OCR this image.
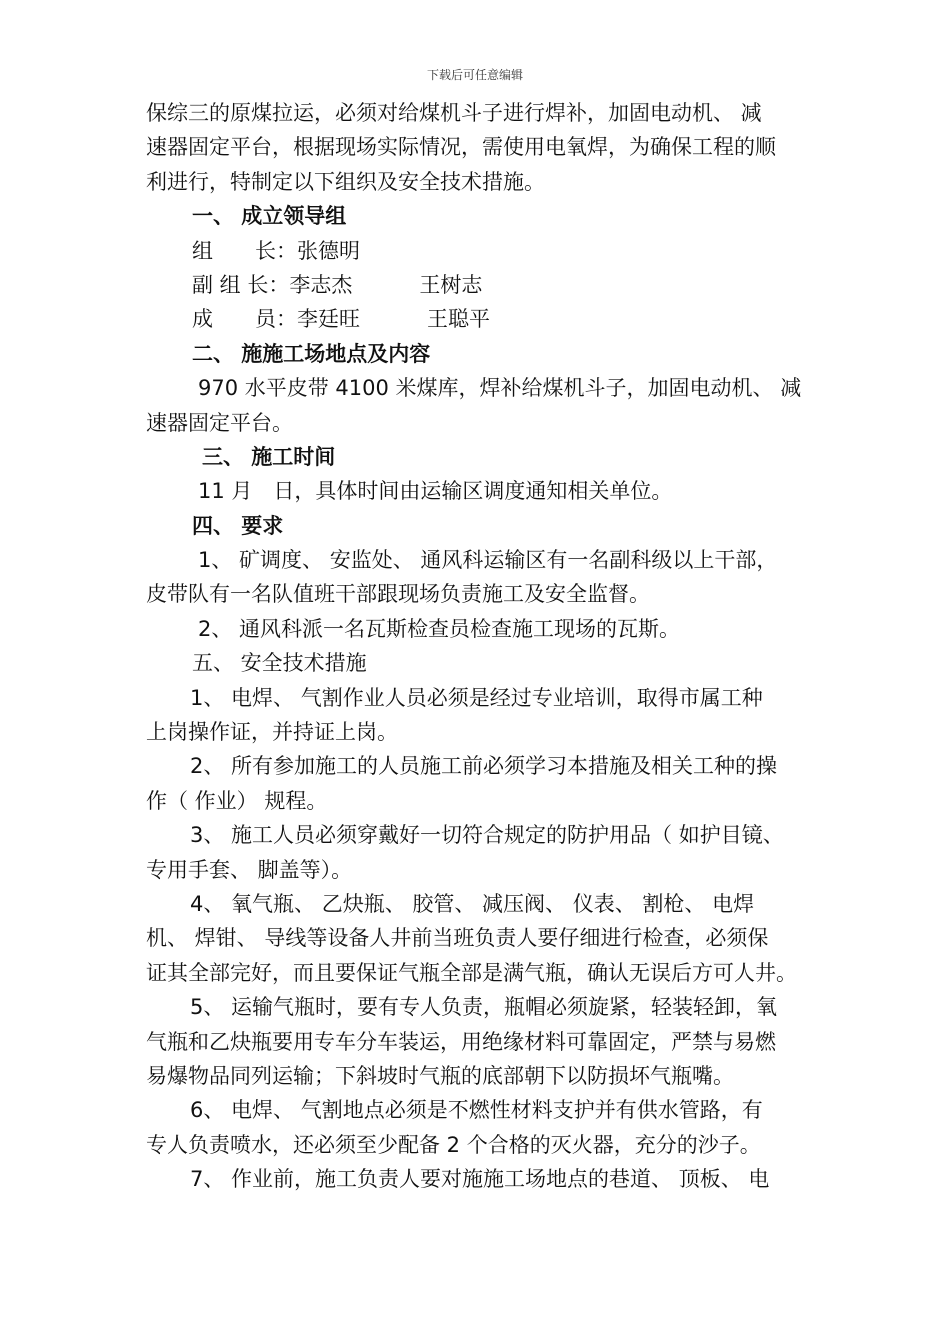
下载后可任意编辑
保综三的原煤拉运，必须对给煤机斗子进行焊补，加固电动机、 减
速器固定平台，根据现场实际情况，需使用电氧焊，为确保工程的顺
利进行，特制定以下组织及安全技术措施。
一、 成立领导组
组　　长：张德明
副 组 长：李志杰	王树志
成　　员：李廷旺	王聪平
二、 施施工场地点及内容
970 水平皮带 4100 米煤库，焊补给煤机斗子，加固电动机、 减
速器固定平台。
三、 施工时间
11 月　日，具体时间由运输区调度通知相关单位。
四、 要求
1、 矿调度、 安监处、 通风科运输区有一名副科级以上干部，
皮带队有一名队值班干部跟现场负责施工及安全监督。
2、 通风科派一名瓦斯检查员检查施工现场的瓦斯。
五、 安全技术措施
1、 电焊、 气割作业人员必须是经过专业培训，取得市属工种
上岗操作证，并持证上岗。
2、 所有参加施工的人员施工前必须学习本措施及相关工种的操
作（ 作业） 规程。
3、 施工人员必须穿戴好一切符合规定的防护用品（ 如护目镜、
专用手套、 脚盖等）。
4、 氧气瓶、 乙炔瓶、 胶管、 减压阀、 仪表、 割枪、 电焊
机、 焊钳、 导线等设备人井前当班负责人要仔细进行检查，必须保
证其全部完好，而且要保证气瓶全部是满气瓶，确认无误后方可人井。
5、 运输气瓶时，要有专人负责，瓶帽必须旋紧，轻装轻卸，氧
气瓶和乙炔瓶要用专车分车装运，用绝缘材料可靠固定，严禁与易燃
易爆物品同列运输；下斜坡时气瓶的底部朝下以防损坏气瓶嘴。
6、 电焊、 气割地点必须是不燃性材料支护并有供水管路，有
专人负责喷水，还必须至少配备 2 个合格的灭火器，充分的沙子。
7、 作业前，施工负责人要对施施工场地点的巷道、 顶板、 电
